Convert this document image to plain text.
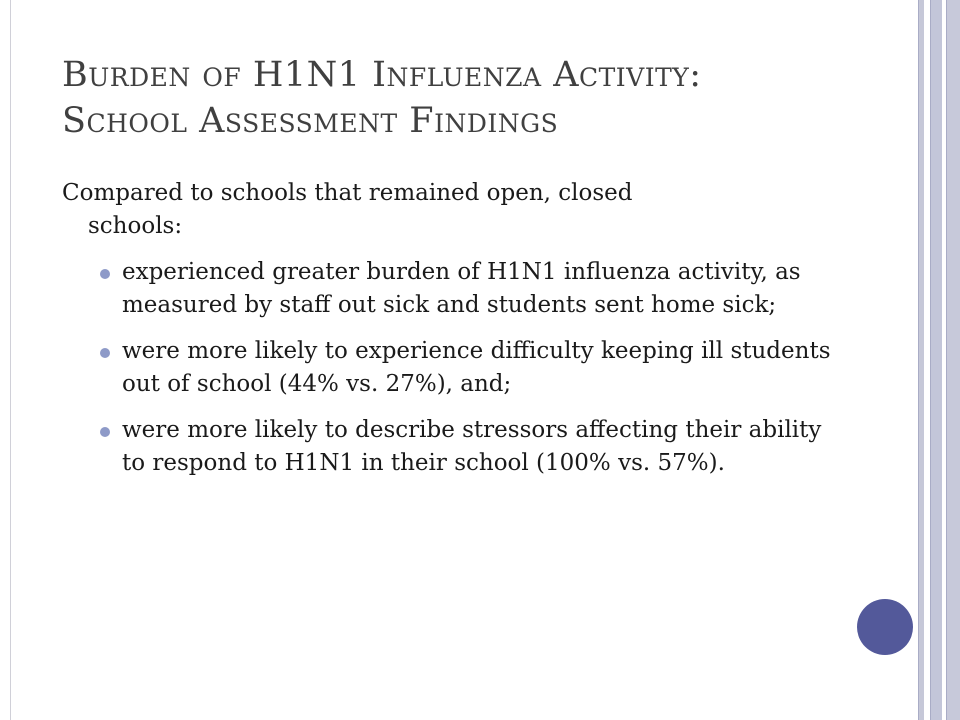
Burden of H1N1 Influenza Activity:
School Assessment Findings

Compared to schools that remained open, closed
schools:

experienced greater burden of H1N1 influenza activity, as measured by staff out sick and students sent home sick;
were more likely to experience difficulty keeping ill students out of school (44% vs. 27%), and;
were more likely to describe stressors affecting their ability to respond to H1N1 in their school (100% vs. 57%).
